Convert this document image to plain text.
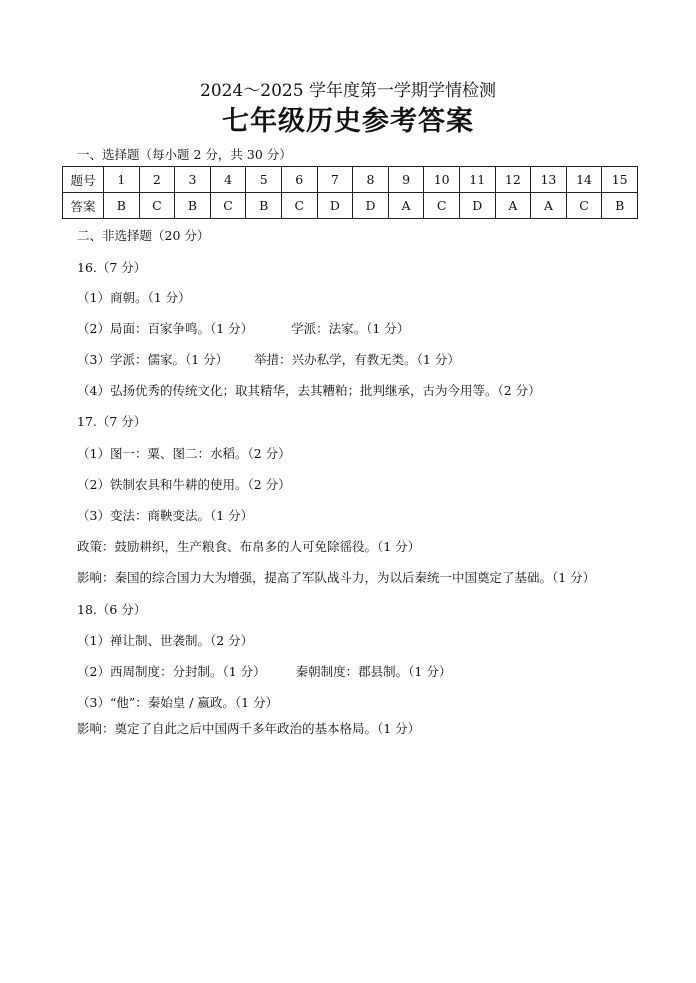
2024～2025 学年度第一学期学情检测
七年级历史参考答案
一、选择题（每小题 2 分，共 30 分）
题号	1	2	3	4	5	6	7	8	9	10	11	12	13	14	15
答案	B	C	B	C	B	C	D	D	A	C	D	A	A	C	B
二、非选择题（20 分）
16.（7 分）
（1）商朝。（1 分）
（2）局面：百家争鸣。（1 分）	学派：法家。（1 分）
（3）学派：儒家。（1 分） 举措：兴办私学，有教无类。（1 分）
（4）弘扬优秀的传统文化；取其精华，去其糟粕；批判继承，古为今用等。（2 分）
17.（7 分）
（1）图一：粟、图二：水稻。（2 分）
（2）铁制农具和牛耕的使用。（2 分）
（3）变法：商鞅变法。（1 分）
政策：鼓励耕织，生产粮食、布帛多的人可免除徭役。（1 分）
影响：秦国的综合国力大为增强，提高了军队战斗力，为以后秦统一中国奠定了基础。（1 分）
18.（6 分）
（1）禅让制、世袭制。（2 分）
（2）西周制度：分封制。（1 分） 秦朝制度：郡县制。（1 分）
（3）“他”：秦始皇 / 嬴政。（1 分）
影响：奠定了自此之后中国两千多年政治的基本格局。（1 分）
